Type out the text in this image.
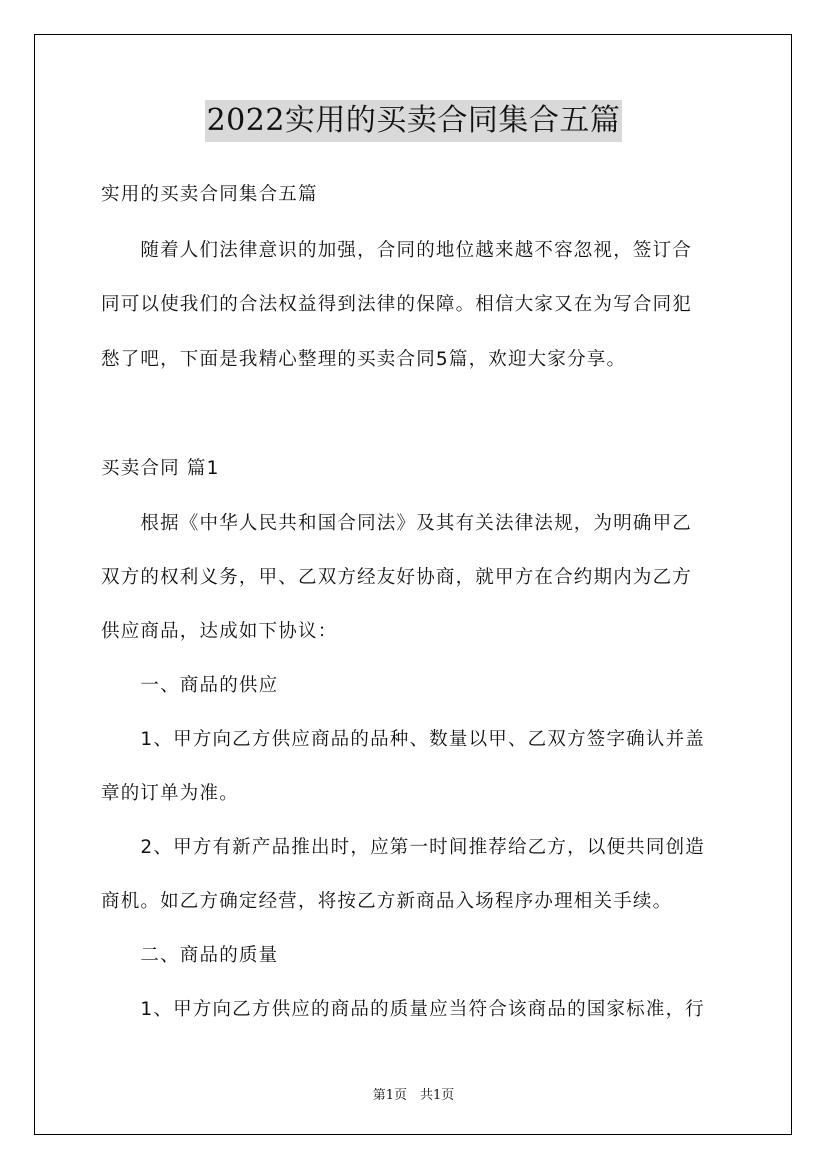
2022实用的买卖合同集合五篇
实用的买卖合同集合五篇
　　随着人们法律意识的加强，合同的地位越来越不容忽视，签订合
同可以使我们的合法权益得到法律的保障。相信大家又在为写合同犯
愁了吧，下面是我精心整理的买卖合同5篇，欢迎大家分享。
买卖合同 篇1
　　根据《中华人民共和国合同法》及其有关法律法规，为明确甲乙
双方的权利义务，甲、乙双方经友好协商，就甲方在合约期内为乙方
供应商品，达成如下协议：
　　一、商品的供应
　　1、甲方向乙方供应商品的品种、数量以甲、乙双方签字确认并盖
章的订单为准。
　　2、甲方有新产品推出时，应第一时间推荐给乙方，以便共同创造
商机。如乙方确定经营，将按乙方新商品入场程序办理相关手续。
　　二、商品的质量
　　1、甲方向乙方供应的商品的质量应当符合该商品的国家标准，行
第1页　共1页
